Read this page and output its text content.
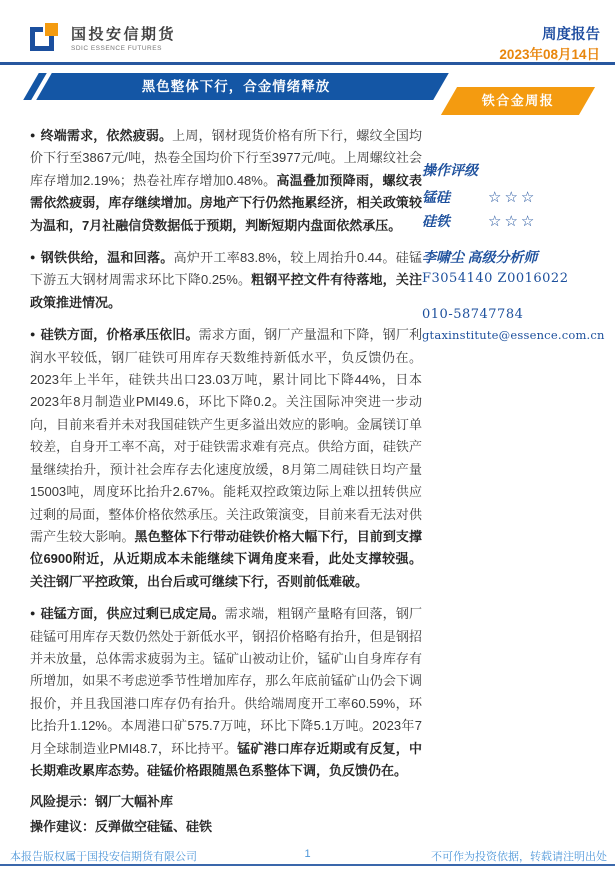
国投安信期货
SDIC ESSENCE FUTURES
周度报告
2023年08月14日
黑色整体下行，合金情绪释放
铁合金周报

● 终端需求，依然疲弱。上周，钢材现货价格有所下行，螺纹全国均价下行至3867元/吨，热卷全国均价下行至3977元/吨。上周螺纹社会库存增加2.19%；热卷社库存增加0.48%。高温叠加预降雨，螺纹表需依然疲弱，库存继续增加。房地产下行仍然拖累经济，相关政策较为温和，7月社融信贷数据低于预期，判断短期内盘面依然承压。

● 钢铁供给，温和回落。高炉开工率83.8%，较上周抬升0.44。硅锰下游五大钢材周需求环比下降0.25%。粗钢平控文件有待落地，关注政策推进情况。

● 硅铁方面，价格承压依旧。需求方面，钢厂产量温和下降，钢厂利润水平较低，钢厂硅铁可用库存天数维持新低水平，负反馈仍在。2023年上半年，硅铁共出口23.03万吨，累计同比下降44%，日本2023年8月制造业PMI49.6，环比下降0.2。关注国际冲突进一步动向，目前来看并未对我国硅铁产生更多溢出效应的影响。金属镁订单较差，自身开工率不高，对于硅铁需求难有亮点。供给方面，硅铁产量继续抬升，预计社会库存去化速度放缓，8月第二周硅铁日均产量15003吨，周度环比抬升2.67%。能耗双控政策边际上难以扭转供应过剩的局面，整体价格依然承压。关注政策演变，目前来看无法对供需产生较大影响。黑色整体下行带动硅铁价格大幅下行，目前到支撑位6900附近，从近期成本未能继续下调角度来看，此处支撑较强。关注钢厂平控政策，出台后或可继续下行，否则前低难破。

● 硅锰方面，供应过剩已成定局。需求端，粗钢产量略有回落，钢厂硅锰可用库存天数仍然处于新低水平，钢招价格略有抬升，但是钢招并未放量，总体需求疲弱为主。锰矿山被动让价，锰矿山自身库存有所增加，如果不考虑逆季节性增加库存，那么年底前锰矿山仍会下调报价，并且我国港口库存仍有抬升。供给端周度开工率60.59%，环比抬升1.12%。本周港口矿575.7万吨，环比下降5.1万吨。2023年7月全球制造业PMI48.7，环比持平。锰矿港口库存近期或有反复，中长期难改累库态势。硅锰价格跟随黑色系整体下调，负反馈仍在。

风险提示：钢厂大幅补库

操作建议：反弹做空硅锰、硅铁

操作评级
锰硅	☆☆☆
硅铁	☆☆☆
李啸尘 高级分析师
F3054140 Z0016022
010-58747784
gtaxinstitute@essence.com.cn
本报告版权属于国投安信期货有限公司	1	不可作为投资依据，转载请注明出处
